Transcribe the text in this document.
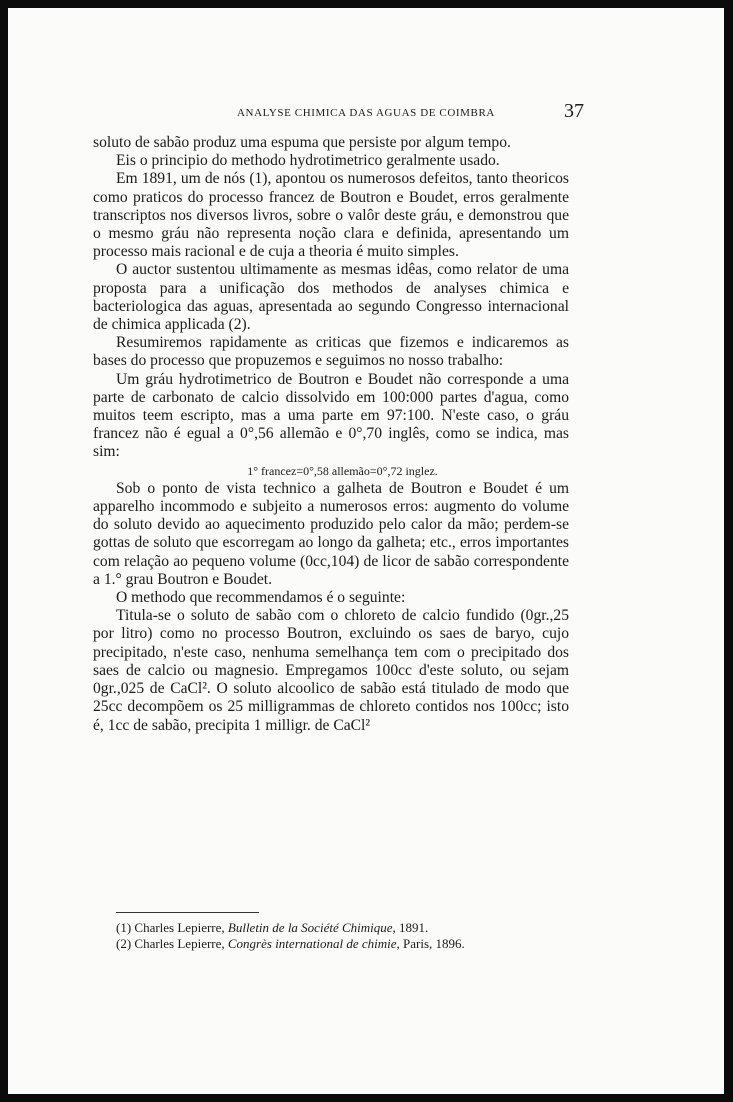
ANALYSE CHIMICA DAS AGUAS DE COIMBRA	37

soluto de sabão produz uma espuma que persiste por algum tempo.

Eis o principio do methodo hydrotimetrico geralmente usado.

Em 1891, um de nós (1), apontou os numerosos defeitos, tanto theoricos como praticos do processo francez de Boutron e Boudet, erros geralmente transcriptos nos diversos livros, sobre o valôr deste gráu, e demonstrou que o mesmo gráu não representa noção clara e definida, apresentando um processo mais racional e de cuja a theoria é muito simples.

O auctor sustentou ultimamente as mesmas idêas, como relator de uma proposta para a unificação dos methodos de analyses chimica e bacteriologica das aguas, apresentada ao segundo Congresso internacional de chimica applicada (2).

Resumiremos rapidamente as criticas que fizemos e indicaremos as bases do processo que propuzemos e seguimos no nosso trabalho:

Um gráu hydrotimetrico de Boutron e Boudet não corresponde a uma parte de carbonato de calcio dissolvido em 100:000 partes d'agua, como muitos teem escripto, mas a uma parte em 97:100. N'este caso, o gráu francez não é egual a 0°,56 allemão e 0°,70 inglês, como se indica, mas sim:

1° francez=0°,58 allemão=0°,72 inglez.

Sob o ponto de vista technico a galheta de Boutron e Boudet é um apparelho incommodo e subjeito a numerosos erros: augmento do volume do soluto devido ao aquecimento produzido pelo calor da mão; perdem-se gottas de soluto que escorregam ao longo da galheta; etc., erros importantes com relação ao pequeno volume (0cc,104) de licor de sabão correspondente a 1.° grau Boutron e Boudet.

O methodo que recommendamos é o seguinte:

Titula-se o soluto de sabão com o chloreto de calcio fundido (0gr.,25 por litro) como no processo Boutron, excluindo os saes de baryo, cujo precipitado, n'este caso, nenhuma semelhança tem com o precipitado dos saes de calcio ou magnesio. Empregamos 100cc d'este soluto, ou sejam 0gr.,025 de CaCl². O soluto alcoolico de sabão está titulado de modo que 25cc decompõem os 25 milligrammas de chloreto contidos nos 100cc; isto é, 1cc de sabão, precipita 1 milligr. de CaCl²

(1) Charles Lepierre, Bulletin de la Société Chimique, 1891.

(2) Charles Lepierre, Congrès international de chimie, Paris, 1896.
